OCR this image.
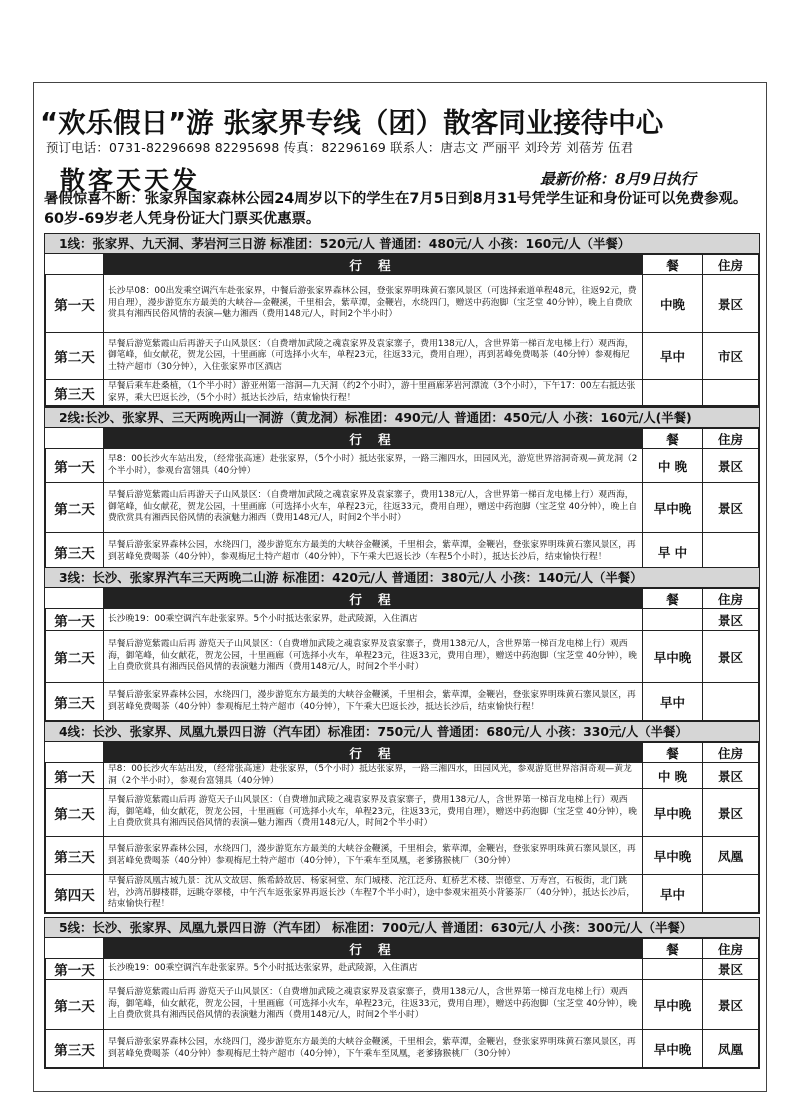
“欢乐假日”游 张家界专线（团）散客同业接待中心
预订电话：0731-82296698 82295698 传真：82296169 联系人：唐志文 严丽平 刘玲芳 刘蓓芳 伍君
散客天天发	最新价格：8月9日执行
暑假惊喜不断：张家界国家森林公园24周岁以下的学生在7月5日到8月31号凭学生证和身份证可以免费参观。 60岁-69岁老人凭身份证大门票买优惠票。
1线：张家界、九天洞、茅岩河三日游 标准团：520元/人 普通团：480元/人 小孩：160元/人（半餐）
	行 程	餐	住房
第一天	长沙早08：00出发乘空调汽车赴张家界，中餐后游张家界森林公园，登张家界明珠黄石寨风景区（可选择索道单程48元，往返92元，费用自理），漫步游览东方最美的大峡谷—金鞭溪，千里相会，紫草潭，金鞭岩，水绕四门，赠送中药泡脚（宝芝堂 40分钟），晚上自费欣赏具有湘西民俗风情的表演—魅力湘西（费用148元/人，时间2个半小时）	中晚	景区
第二天	早餐后游览紫霞山后再游天子山风景区：（自费增加武陵之魂袁家界及袁家寨子，费用138元/人，含世界第一梯百龙电梯上行）观西海，御笔峰，仙女献花，贺龙公园，十里画廊（可选择小火车，单程23元，往返33元，费用自理），再到茗峰免费喝茶（40分钟）参观梅尼土特产超市（30分钟），入住张家界市区酒店	早中	市区
第三天	早餐后乘车赴桑植，（1个半小时）游亚州第一溶洞—九天洞（约2个小时），游十里画廊茅岩河漂流（3个小时），下午17：00左右抵达张家界，乘大巴返长沙，（5个小时）抵达长沙后，结束愉快行程！		
2线:长沙、张家界、三天两晚两山一洞游（黄龙洞）标准团：490元/人 普通团：450元/人 小孩：160元/人(半餐)
	行 程	餐	住房
第一天	早8：00长沙火车站出发，（经常张高速）赴张家界，（5个小时）抵达张家界，一路三湘四水，田园风光，游览世界溶洞奇观—黄龙洞（2个半小时），参观台富翎具（40分钟）	中 晚	景区
第二天	早餐后游览紫霞山后再游天子山风景区：（自费增加武陵之魂袁家界及袁家寨子，费用138元/人，含世界第一梯百龙电梯上行）观西海，御笔峰，仙女献花，贺龙公园，十里画廊（可选择小火车，单程23元，往返33元，费用自理），赠送中药泡脚（宝芝堂 40分钟），晚上自费欣赏具有湘西民俗风情的表演魅力湘西（费用148元/人，时间2个半小时）	早中晚	景区
第三天	早餐后游张家界森林公园，水绕四门，漫步游览东方最美的大峡谷金鞭溪，千里相会，紫草潭，金鞭岩，登张家界明珠黄石寨风景区，再到茗峰免费喝茶（40分钟），参观梅尼土特产超市（40分钟），下午乘大巴返长沙（车程5个小时），抵达长沙后，结束愉快行程！	早 中	
3线：长沙、张家界汽车三天两晚二山游 标准团：420元/人 普通团：380元/人 小孩：140元/人（半餐）
	行 程	餐	住房
第一天	长沙晚19：00乘空调汽车赴张家界。5个小时抵达张家界，赴武陵源，入住酒店		景区
第二天	早餐后游览紫霞山后再 游览天子山风景区：（自费增加武陵之魂袁家界及袁家寨子，费用138元/人，含世界第一梯百龙电梯上行）观西海，御笔峰，仙女献花，贺龙公园，十里画廊（可选择小火车，单程23元，往返33元，费用自理），赠送中药泡脚（宝芝堂 40分钟），晚上自费欣赏具有湘西民俗风情的表演魅力湘西（费用148元/人，时间2个半小时）	早中晚	景区
第三天	早餐后游张家界森林公园，水绕四门，漫步游览东方最美的大峡谷金鞭溪，千里相会，紫草潭，金鞭岩，登张家界明珠黄石寨风景区，再到茗峰免费喝茶（40分钟）参观梅尼土特产超市（40分钟），下午乘大巴返长沙，抵达长沙后，结束愉快行程！	早中	
4线：长沙、张家界、凤凰九景四日游（汽车团）标准团：750元/人 普通团：680元/人 小孩：330元/人（半餐）
	行 程	餐	住房
第一天	早8：00长沙火车站出发，（经常张高速）赴张家界，（5个小时）抵达张家界，一路三湘四水，田园风光，参观游览世界溶洞奇观—黄龙洞（2个半小时），参观台富翎具（40分钟）	中 晚	景区
第二天	早餐后游览紫霞山后再 游览天子山风景区：（自费增加武陵之魂袁家界及袁家寨子，费用138元/人，含世界第一梯百龙电梯上行）观西海，御笔峰，仙女献花，贺龙公园，十里画廊（可选择小火车，单程23元，往返33元，费用自理），赠送中药泡脚（宝芝堂 40分钟），晚上自费欣赏具有湘西民俗风情的表演—魅力湘西（费用148元/人，时间2个半小时）	早中晚	景区
第三天	早餐后游张家界森林公园，水绕四门，漫步游览东方最美的大峡谷金鞭溪，千里相会，紫草潭，金鞭岩，登张家界明珠黄石寨风景区，再到茗峰免费喝茶（40分钟）参观梅尼土特产超市（40分钟），下午乘车至凤凰，老爹猕猴桃厂（30分钟）	早中晚	凤凰
第四天	早餐后游凤凰古城九景：沈从文故居、熊希龄故居、杨家祠堂、东门城楼、沱江泛舟、虹桥艺术楼、崇德堂、万寿宫，石板街，北门跳岩，沙湾吊脚楼群，远眺夺翠楼，中午汽车返张家界再返长沙（车程7个半小时），途中参观宋祖英小背篓茶厂（40分钟），抵达长沙后，结束愉快行程！	早中	
5线：长沙、张家界、凤凰九景四日游（汽车团） 标准团：700元/人 普通团：630元/人 小孩：300元/人（半餐）
	行 程	餐	住房
第一天	长沙晚19：00乘空调汽车赴张家界。5个小时抵达张家界，赴武陵源，入住酒店		景区
第二天	早餐后游览紫霞山后再 游览天子山风景区：（自费增加武陵之魂袁家界及袁家寨子，费用138元/人，含世界第一梯百龙电梯上行）观西海，御笔峰，仙女献花，贺龙公园，十里画廊（可选择小火车，单程23元，往返33元，费用自理），赠送中药泡脚（宝芝堂 40分钟），晚上自费欣赏具有湘西民俗风情的表演魅力湘西（费用148元/人，时间2个半小时）	早中晚	景区
第三天	早餐后游张家界森林公园，水绕四门，漫步游览东方最美的大峡谷金鞭溪，千里相会，紫草潭，金鞭岩，登张家界明珠黄石寨风景区，再到茗峰免费喝茶（40分钟）参观梅尼土特产超市（40分钟），下午乘车至凤凰，老爹猕猴桃厂（30分钟）	早中晚	凤凰
